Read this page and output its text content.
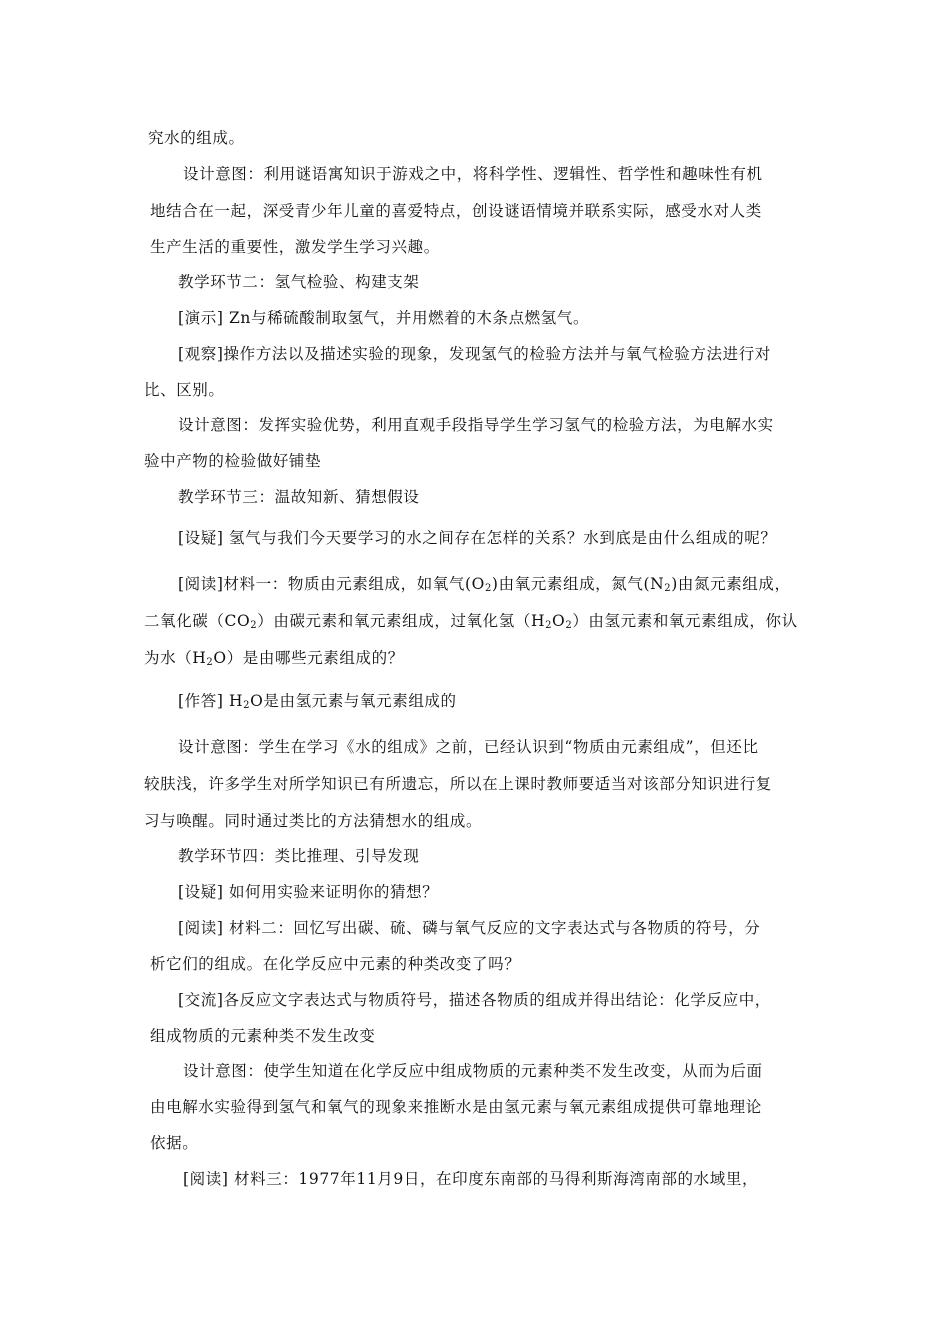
究水的组成。
设计意图：利用谜语寓知识于游戏之中，将科学性、逻辑性、哲学性和趣味性有机
地结合在一起，深受青少年儿童的喜爱特点，创设谜语情境并联系实际，感受水对人类
生产生活的重要性，激发学生学习兴趣。
教学环节二：氢气检验、构建支架
[演示] Zn与稀硫酸制取氢气，并用燃着的木条点燃氢气。
[观察]操作方法以及描述实验的现象，发现氢气的检验方法并与氧气检验方法进行对
比、区别。
设计意图：发挥实验优势，利用直观手段指导学生学习氢气的检验方法，为电解水实
验中产物的检验做好铺垫
教学环节三：温故知新、猜想假设
[设疑] 氢气与我们今天要学习的水之间存在怎样的关系？水到底是由什么组成的呢？
[阅读]材料一：物质由元素组成，如氧气$(O_2)$由氧元素组成，氮气$(N_2)$由氮元素组成，
二氧化碳$(CO_2)$由碳元素和氧元素组成，过氧化氢$(H_2O_2)$由氢元素和氧元素组成，你认
为水$(H_2O)$是由哪些元素组成的？
[作答] $H_2O$是由氢元素与氧元素组成的
设计意图：学生在学习《水的组成》之前，已经认识到“物质由元素组成”，但还比
较肤浅，许多学生对所学知识已有所遗忘，所以在上课时教师要适当对该部分知识进行复
习与唤醒。同时通过类比的方法猜想水的组成。
教学环节四：类比推理、引导发现
[设疑] 如何用实验来证明你的猜想？
[阅读] 材料二：回忆写出碳、硫、磷与氧气反应的文字表达式与各物质的符号，分
析它们的组成。在化学反应中元素的种类改变了吗？
[交流]各反应文字表达式与物质符号，描述各物质的组成并得出结论：化学反应中，
组成物质的元素种类不发生改变
设计意图：使学生知道在化学反应中组成物质的元素种类不发生改变，从而为后面
由电解水实验得到氢气和氧气的现象来推断水是由氢元素与氧元素组成提供可靠地理论
依据。
[阅读] 材料三：1977年11月9日，在印度东南部的马得利斯海湾南部的水域里，
